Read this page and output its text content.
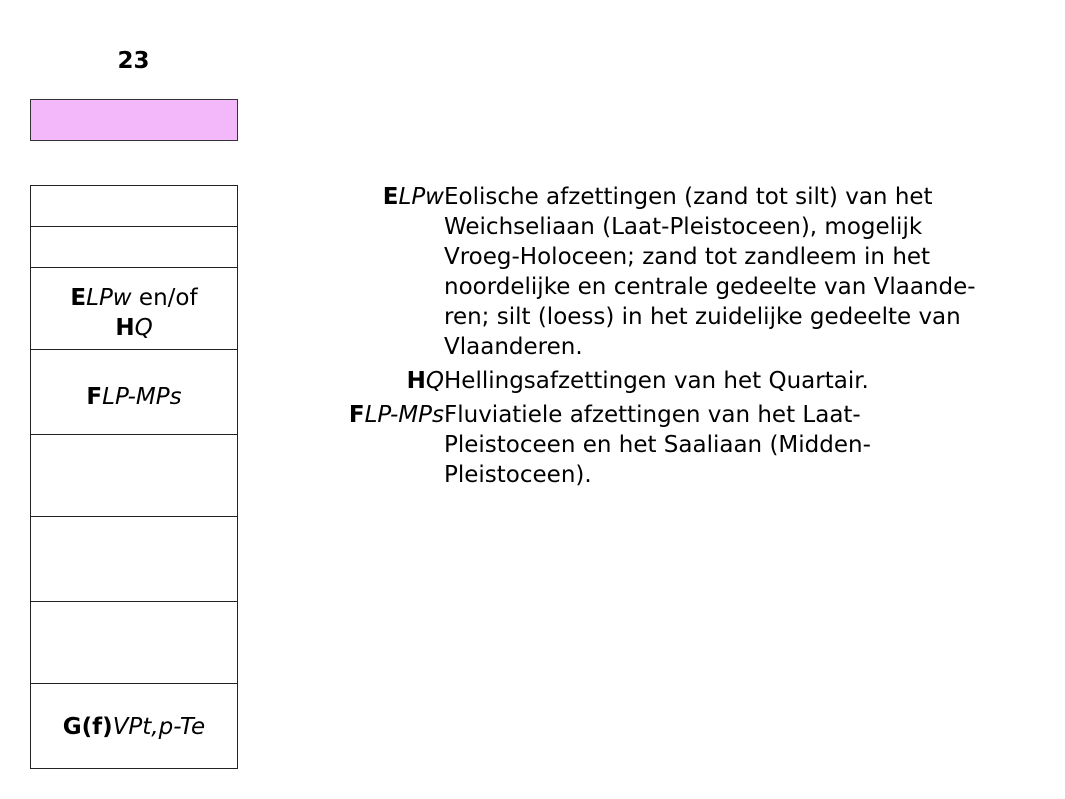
23
ELPw en/of
HQ
FLP-MPs
G(f)VPt,p-Te
ELPw Eolische afzettingen (zand tot silt) van het
Weichseliaan (Laat-Pleistoceen), mogelijk
Vroeg-Holoceen; zand tot zandleem in het
noordelijke en centrale gedeelte van Vlaande-
ren; silt (loess) in het zuidelijke gedeelte van
Vlaanderen.
HQ Hellingsafzettingen van het Quartair.
FLP-MPs Fluviatiele afzettingen van het Laat-
Pleistoceen en het Saaliaan (Midden-
Pleistoceen).
